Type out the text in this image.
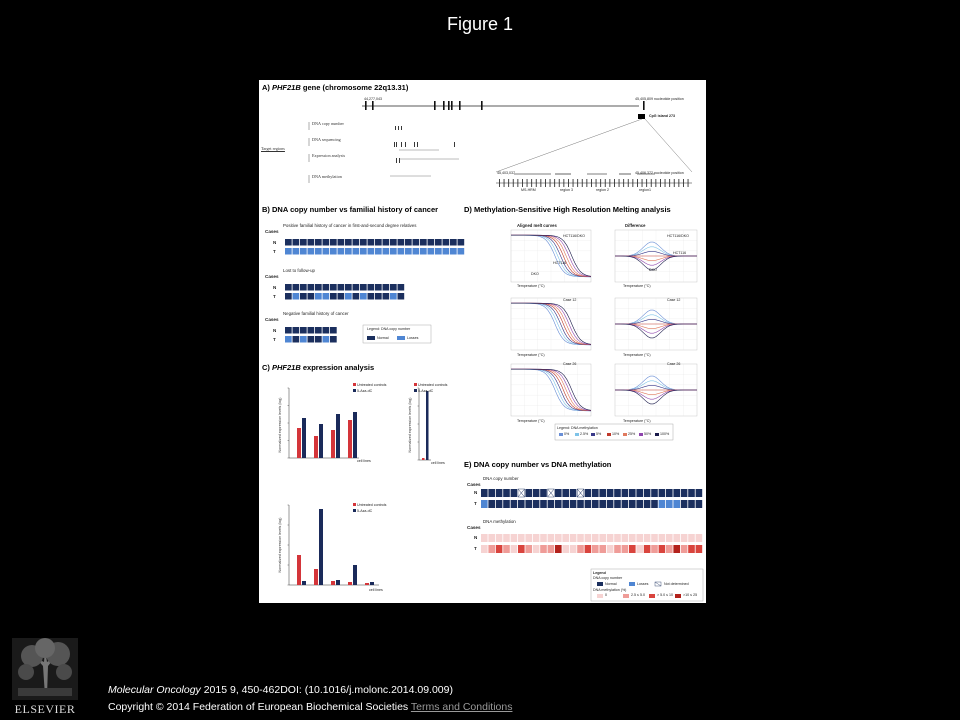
Figure 1
Normalized expression levels (log)	Normalized expression levels (log)
Normalized expression levels (log)
A) PHF21B gene (chromosome 22q13.31)
44,277,043	45,405,809 nucleotide position
CpG island 273
Target regions
DNA copy number
DNA sequencing
Expression analysis
DNA methylation
45,403,037	45,406,372 nucleotide position
MS-HRM	region 3	region 2	region1
B) DNA copy number vs familial history of cancer
Positive familial history of cancer in first-and-second degree relatives
Lost to follow-up
Negative familial history of cancer
Legend: DNA copy number
Normal	Losses
C) PHF21B expression analysis
Untreated controls
5-Aza-dC
Untreated controls
5-Aza-dC
Untreated controls
5-Aza-dC
cell lines	cell lines
cell lines
D) Methylation-Sensitive High Resolution Melting analysis
Aligned melt curves	Difference
HCT116/DKO	HCT116/DKO
HCT116
HCT116
DKO
DKO
Case 12	Case 12
Case 26	Case 26
Temperature (°C)	Temperature (°C)
Temperature (°C)	Temperature (°C)
Temperature (°C)	Temperature (°C)
Legend: DNA methylation
0%	2.5% 5%	10% 25% 50% 100%
E) DNA copy number vs DNA methylation
DNA copy number
DNA methylation
Legend
DNA copy number
Normal	Losses	Not determined
DNA methylation (%)
0	2.5 ≤ 5.0	> 5.0 ≤ 10	>10 ≤ 25
Cases
N
T
Cases
N
T
Cases
N
T
Cases
N
T
Cases
N
T
ELSEVIER
Molecular Oncology 2015 9, 450-462DOI: (10.1016/j.molonc.2014.09.009)
Copyright © 2014 Federation of European Biochemical Societies Terms and Conditions
